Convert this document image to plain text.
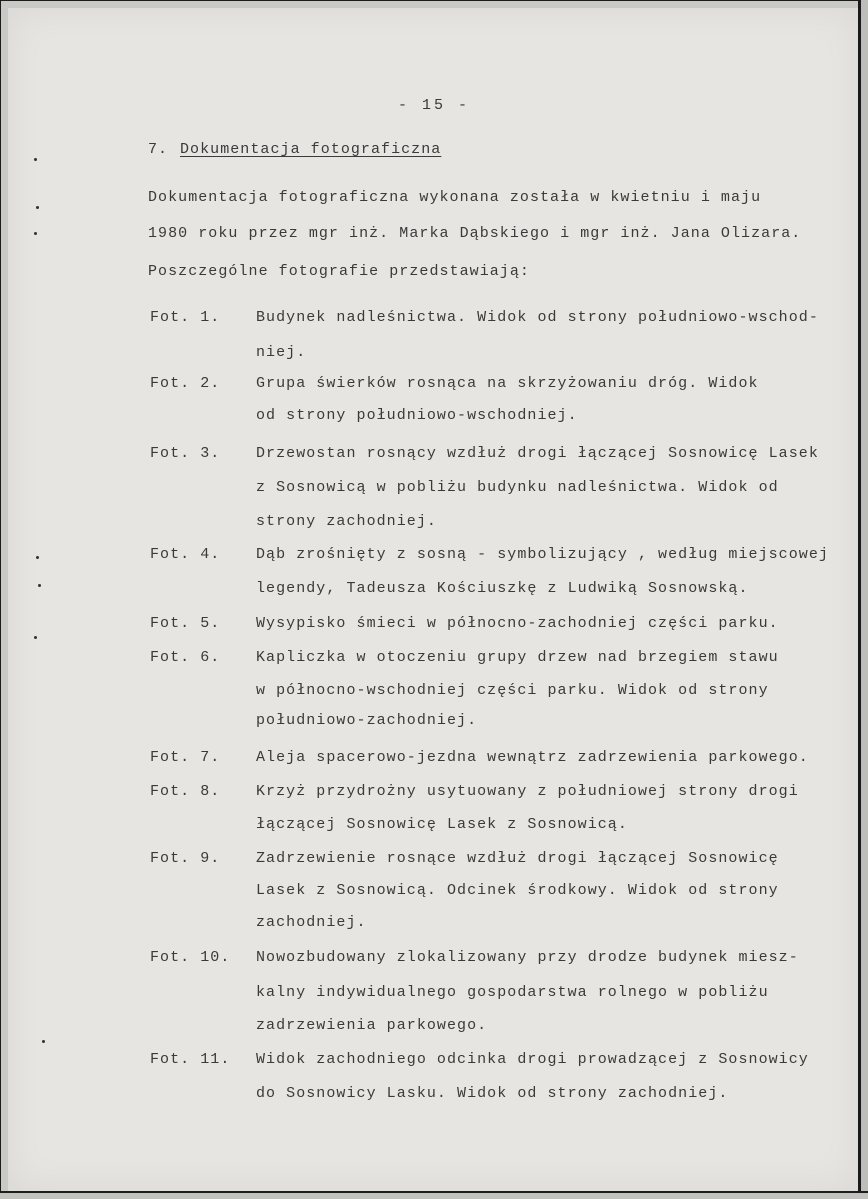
- 15 -
7. Dokumentacja fotograficzna
Dokumentacja fotograficzna wykonana została w kwietniu i maju
1980 roku przez mgr inż. Marka Dąbskiego i mgr inż. Jana Olizara.
Poszczególne fotografie przedstawiają:
Fot. 1. Budynek nadleśnictwa. Widok od strony południowo-wschod-
niej.
Fot. 2. Grupa świerków rosnąca na skrzyżowaniu dróg. Widok
od strony południowo-wschodniej.
Fot. 3. Drzewostan rosnący wzdłuż drogi łączącej Sosnowicę Lasek
z Sosnowicą w pobliżu budynku nadleśnictwa. Widok od
strony zachodniej.
Fot. 4. Dąb zrośnięty z sosną - symbolizujący , według miejscowej
legendy, Tadeusza Kościuszkę z Ludwiką Sosnowską.
Fot. 5. Wysypisko śmieci w północno-zachodniej części parku.
Fot. 6. Kapliczka w otoczeniu grupy drzew nad brzegiem stawu
w północno-wschodniej części parku. Widok od strony
południowo-zachodniej.
Fot. 7. Aleja spacerowo-jezdna wewnątrz zadrzewienia parkowego.
Fot. 8. Krzyż przydrożny usytuowany z południowej strony drogi
łączącej Sosnowicę Lasek z Sosnowicą.
Fot. 9. Zadrzewienie rosnące wzdłuż drogi łączącej Sosnowicę
Lasek z Sosnowicą. Odcinek środkowy. Widok od strony
zachodniej.
Fot. 10. Nowozbudowany zlokalizowany przy drodze budynek miesz-
kalny indywidualnego gospodarstwa rolnego w pobliżu
zadrzewienia parkowego.
Fot. 11. Widok zachodniego odcinka drogi prowadzącej z Sosnowicy
do Sosnowicy Lasku. Widok od strony zachodniej.
